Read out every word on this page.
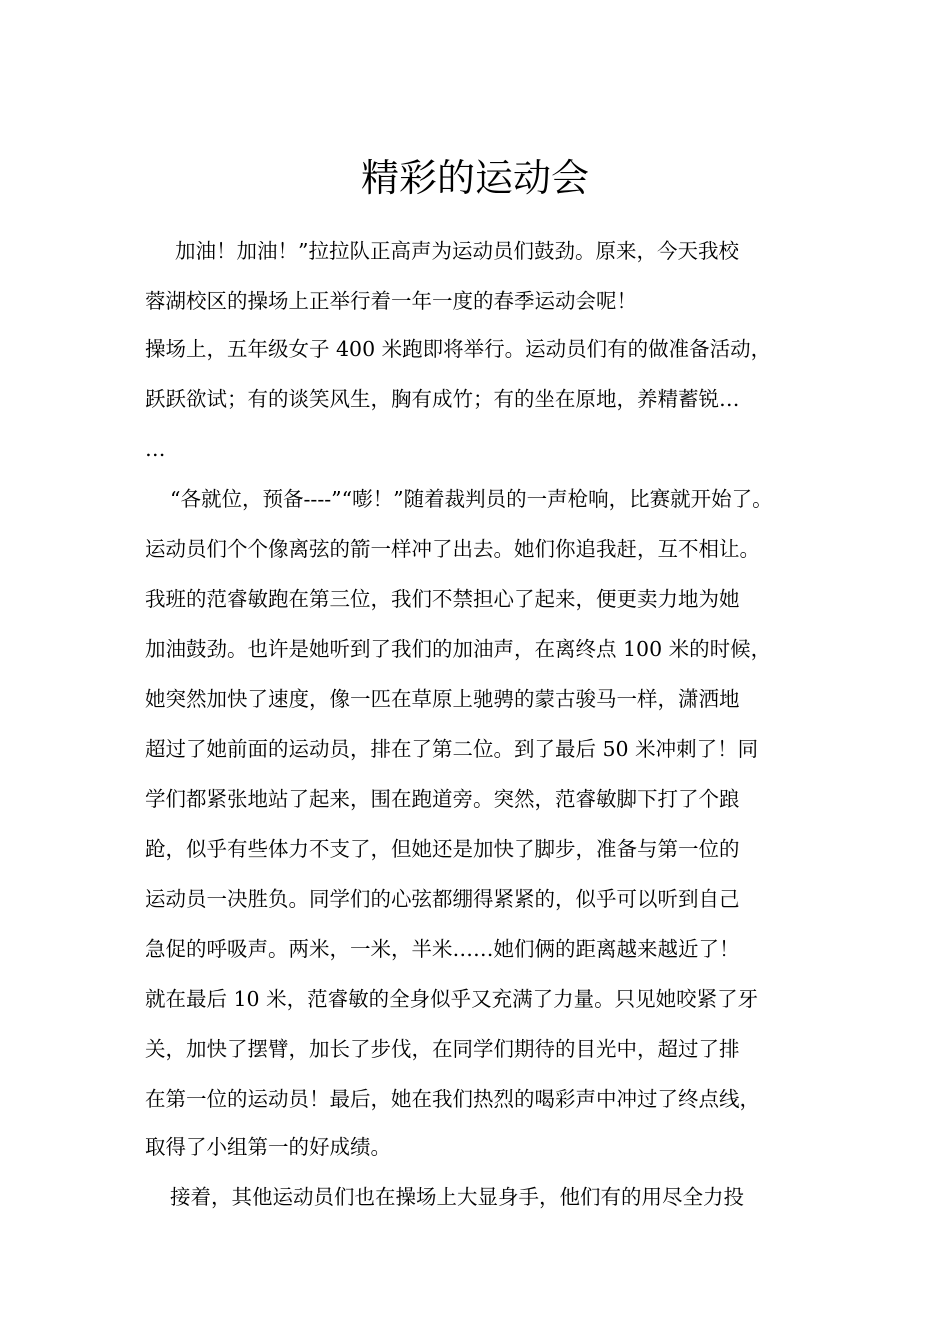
精彩的运动会
加油！加油！”拉拉队正高声为运动员们鼓劲。原来，今天我校
蓉湖校区的操场上正举行着一年一度的春季运动会呢！
操场上，五年级女子 400 米跑即将举行。运动员们有的做准备活动，
跃跃欲试；有的谈笑风生，胸有成竹；有的坐在原地，养精蓄锐…
…
“各就位，预备----”“嘭！”随着裁判员的一声枪响，比赛就开始了。
运动员们个个像离弦的箭一样冲了出去。她们你追我赶，互不相让。
我班的范睿敏跑在第三位，我们不禁担心了起来，便更卖力地为她
加油鼓劲。也许是她听到了我们的加油声，在离终点 100 米的时候，
她突然加快了速度，像一匹在草原上驰骋的蒙古骏马一样，潇洒地
超过了她前面的运动员，排在了第二位。到了最后 50 米冲刺了！同
学们都紧张地站了起来，围在跑道旁。突然，范睿敏脚下打了个踉
跄，似乎有些体力不支了，但她还是加快了脚步，准备与第一位的
运动员一决胜负。同学们的心弦都绷得紧紧的，似乎可以听到自己
急促的呼吸声。两米，一米，半米……她们俩的距离越来越近了！
就在最后 10 米，范睿敏的全身似乎又充满了力量。只见她咬紧了牙
关，加快了摆臂，加长了步伐，在同学们期待的目光中，超过了排
在第一位的运动员！最后，她在我们热烈的喝彩声中冲过了终点线，
取得了小组第一的好成绩。
接着，其他运动员们也在操场上大显身手，他们有的用尽全力投
